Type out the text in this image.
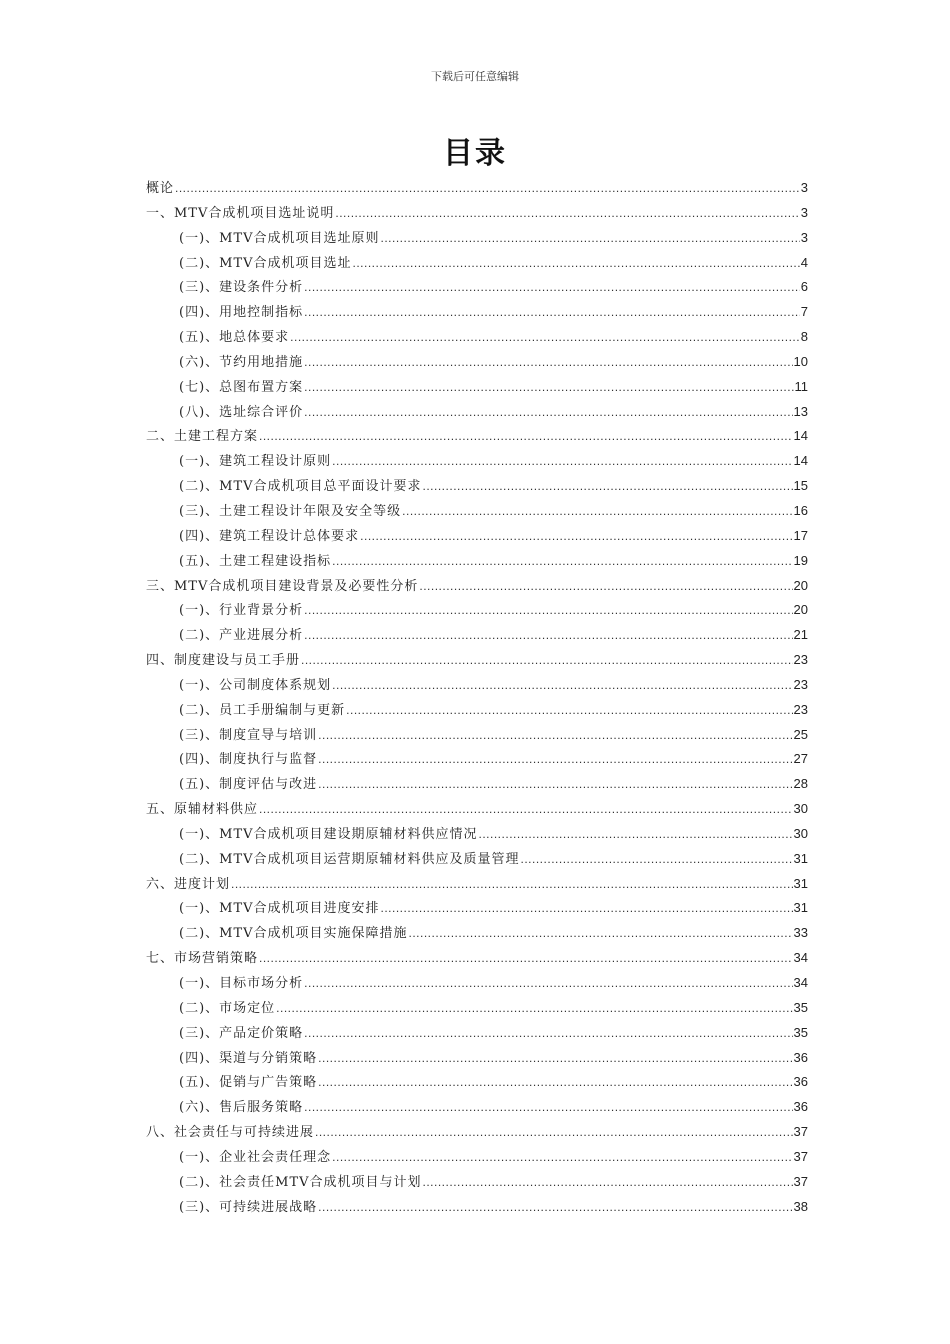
下载后可任意编辑
目录
概论 .....	3
一、MTV合成机项目选址说明 .....	3
(一)、MTV合成机项目选址原则 .....	3
(二)、MTV合成机项目选址 .....	4
(三)、建设条件分析 .....	6
(四)、用地控制指标 .....	7
(五)、地总体要求 .....	8
(六)、节约用地措施 .....	10
(七)、总图布置方案 .....	11
(八)、选址综合评价 .....	13
二、土建工程方案 .....	14
(一)、建筑工程设计原则 .....	14
(二)、MTV合成机项目总平面设计要求 .....	15
(三)、土建工程设计年限及安全等级 .....	16
(四)、建筑工程设计总体要求 .....	17
(五)、土建工程建设指标 .....	19
三、MTV合成机项目建设背景及必要性分析 .....	20
(一)、行业背景分析 .....	20
(二)、产业进展分析 .....	21
四、制度建设与员工手册 .....	23
(一)、公司制度体系规划 .....	23
(二)、员工手册编制与更新 .....	23
(三)、制度宣导与培训 .....	25
(四)、制度执行与监督 .....	27
(五)、制度评估与改进 .....	28
五、原辅材料供应 .....	30
(一)、MTV合成机项目建设期原辅材料供应情况 .....	30
(二)、MTV合成机项目运营期原辅材料供应及质量管理 .....	31
六、进度计划 .....	31
(一)、MTV合成机项目进度安排 .....	31
(二)、MTV合成机项目实施保障措施 .....	33
七、市场营销策略 .....	34
(一)、目标市场分析 .....	34
(二)、市场定位 .....	35
(三)、产品定价策略 .....	35
(四)、渠道与分销策略 .....	36
(五)、促销与广告策略 .....	36
(六)、售后服务策略 .....	36
八、社会责任与可持续进展 .....	37
(一)、企业社会责任理念 .....	37
(二)、社会责任MTV合成机项目与计划 .....	37
(三)、可持续进展战略 .....	38
